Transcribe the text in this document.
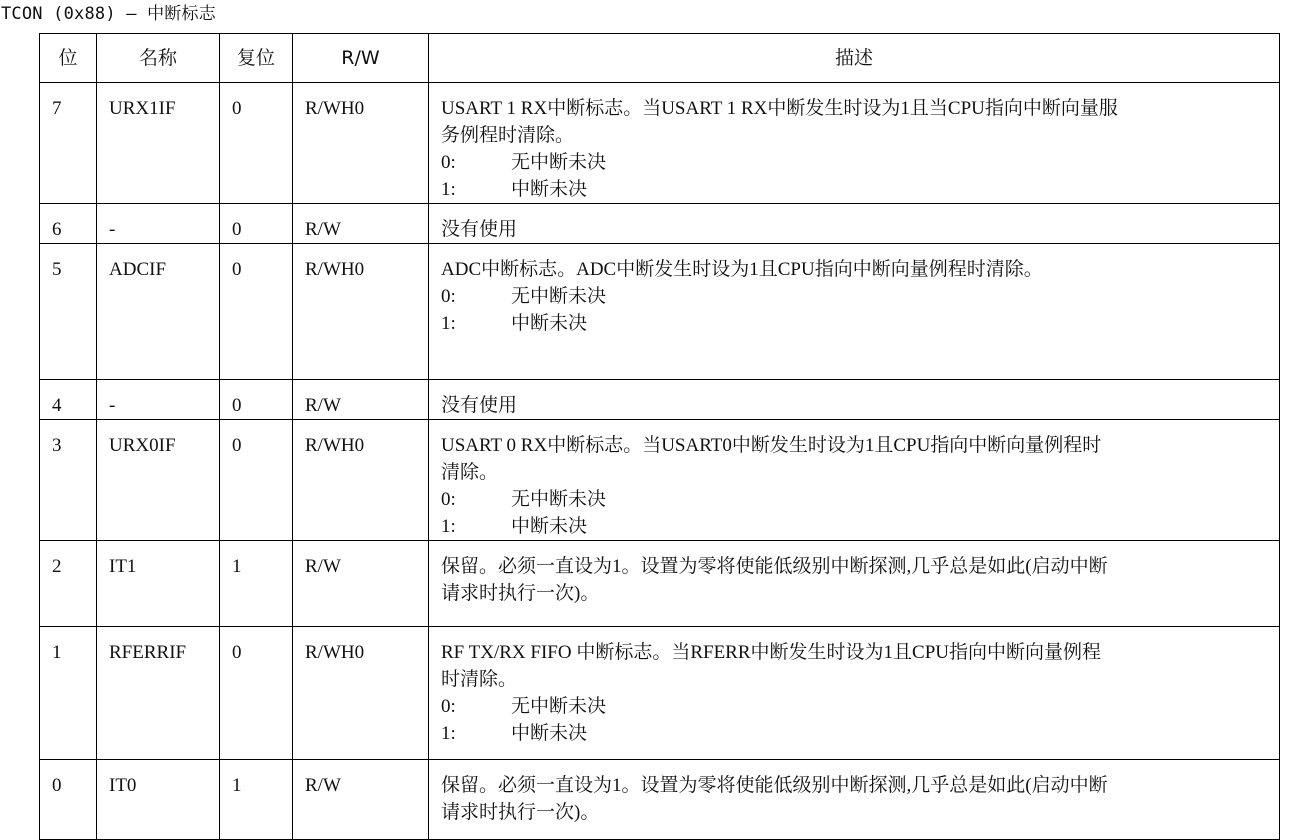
TCON (0x88) – 中断标志
位	名称	复位	R/W	描述
7	URX1IF	0	R/WH0	USART 1 RX中断标志。当USART 1 RX中断发生时设为1且当CPU指向中断向量服
务例程时清除。
0: 无中断未决
1: 中断未决

6	-	0	R/W	没有使用

5	ADCIF	0	R/WH0	ADC中断标志。ADC中断发生时设为1且CPU指向中断向量例程时清除。
0: 无中断未决
1: 中断未决

4	-	0	R/W	没有使用

3	URX0IF	0	R/WH0	USART 0 RX中断标志。当USART0中断发生时设为1且CPU指向中断向量例程时
清除。
0: 无中断未决
1: 中断未决

2	IT1	1	R/W	保留。必须一直设为1。设置为零将使能低级别中断探测,几乎总是如此(启动中断
请求时执行一次)。

1	RFERRIF	0	R/WH0	RF TX/RX FIFO 中断标志。当RFERR中断发生时设为1且CPU指向中断向量例程
时清除。
0: 无中断未决
1: 中断未决

0	IT0	1	R/W	保留。必须一直设为1。设置为零将使能低级别中断探测,几乎总是如此(启动中断
请求时执行一次)。
